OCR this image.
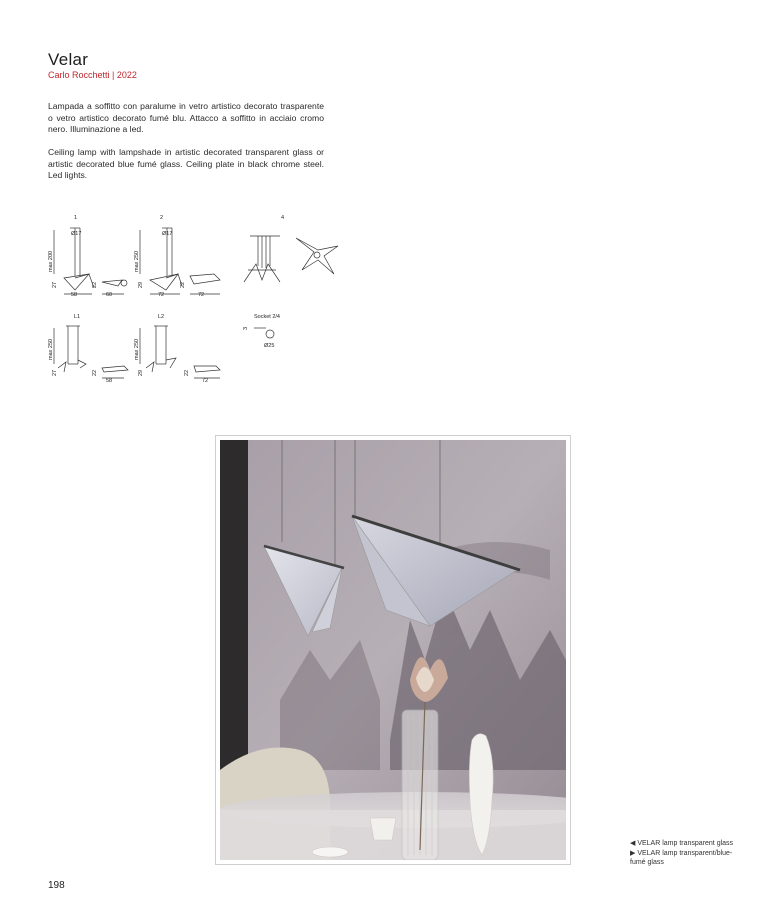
Velar
Carlo Rocchetti | 2022
Lampada a soffitto con paralume in vetro artistico decorato trasparente o vetro artistico decorato fumé blu. Attacco a soffitto in acciaio cromo nero. Illuminazione a led.
Ceiling lamp with lampshade in artistic decorated transparent glass or artistic decorated blue fumé glass. Ceiling plate in black chrome steel. Led lights.
1
Ø17
max 200
27
58
22
60
2
Ø17
max 250
29
72
22
72
4
L1
max 250
27	22
58
L2
max 250
29	22
72
Socket 2/4
3
Ø25
◀ VELAR lamp transparent glass
▶ VELAR lamp transparent/blue-
fumé glass
198
